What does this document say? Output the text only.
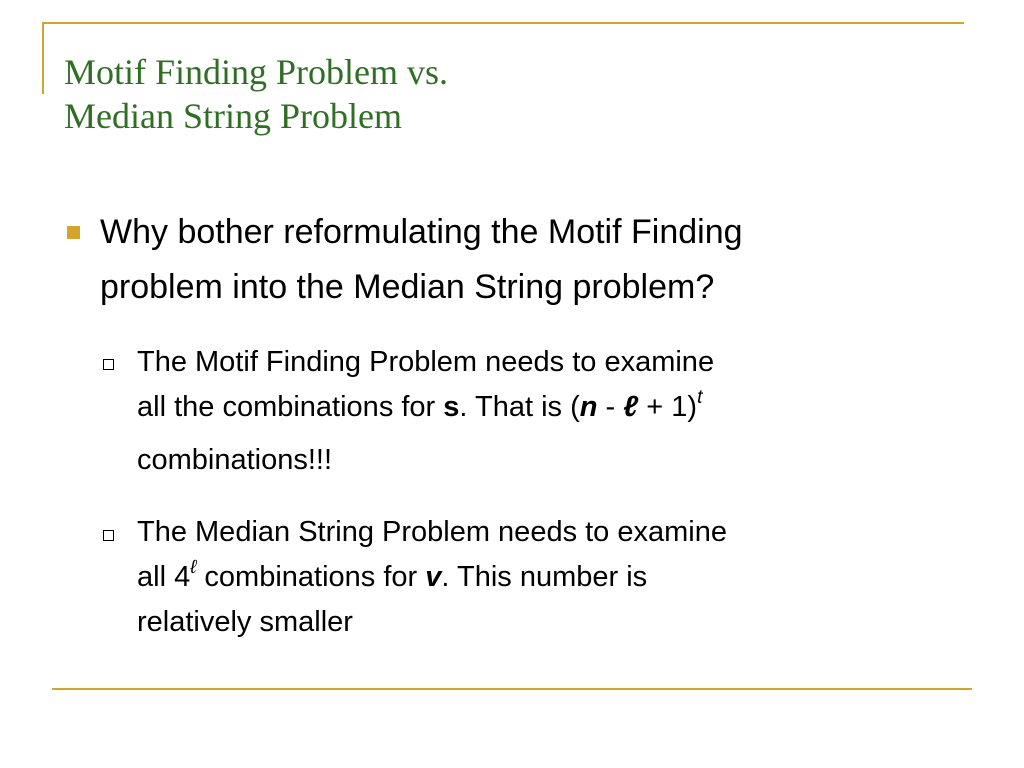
Motif Finding Problem vs.
Median String Problem
Why bother reformulating the Motif Finding
problem into the Median String problem?
The Motif Finding Problem needs to examine
all the combinations for s. That is (n - ℓ + 1)$^t$
combinations!!!
The Median String Problem needs to examine
all $4^\ell$ combinations for v. This number is
relatively smaller
